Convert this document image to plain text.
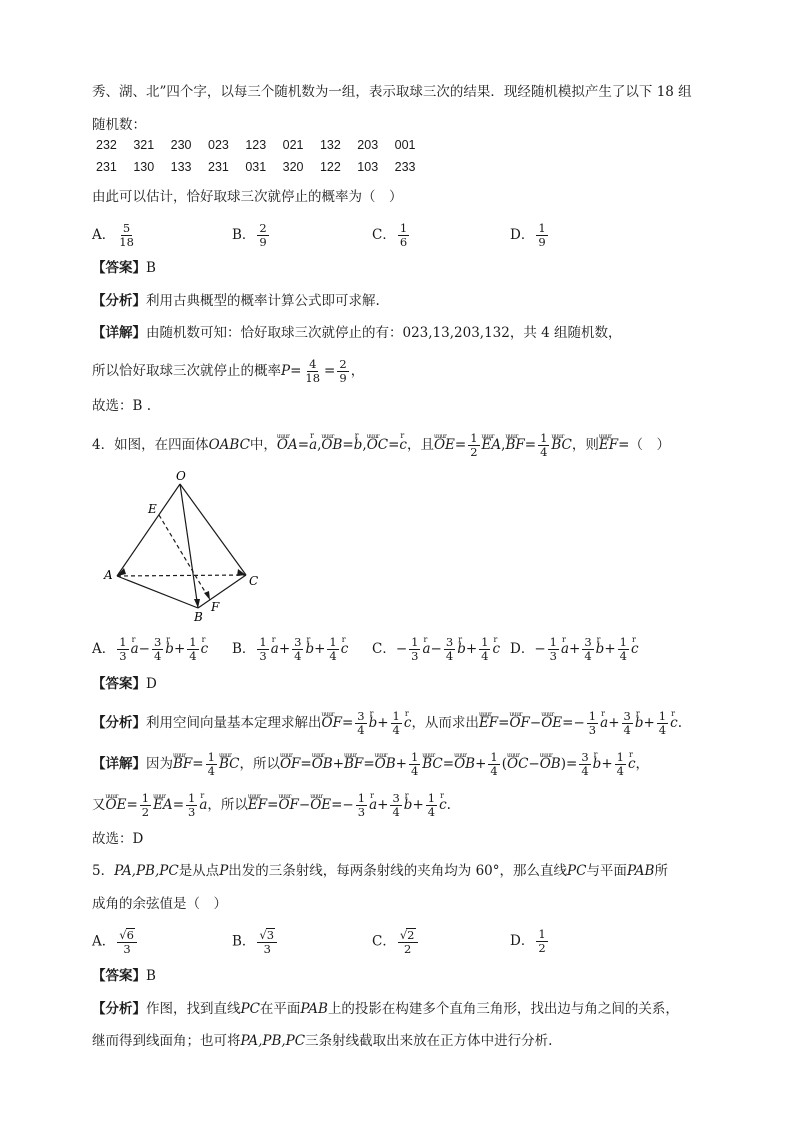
秀、湖、北”四个字，以每三个随机数为一组，表示取球三次的结果．现经随机模拟产生了以下 18 组
随机数：
232 321 230 023 123 021 132 203 001
231 130 133 231 031 320 122 103 233
由此可以估计，恰好取球三次就停止的概率为（　）
A． $\frac{5}{18}$	B． $\frac{2}{9}$	C． $\frac{1}{6}$	D． $\frac{1}{9}$
【答案】B
【分析】利用古典概型的概率计算公式即可求解.
【详解】由随机数可知：恰好取球三次就停止的有：023,13,203,132，共 4 组随机数，
所以恰好取球三次就停止的概率$P= \frac{4}{18} = \frac{2}{9}$ ，
故选：B .
4．如图，在四面体OABC中，uuur OA=r a,uuur OB=r b,uuur OC=r c，且uuur $OE= \frac{1}{2}$ uuur EA,uuur $BF= \frac{1}{4}$ uuur BC，则uuur EF=（　）
O
E
A	C
B
F
A． $\frac{1}{3}$ r $a- \frac{3}{4}$ r $b+ \frac{1}{4}$ r c B． $\frac{1}{3}$ r $a+ \frac{3}{4}$ r $b+ \frac{1}{4}$ r c C．− $\frac{1}{3}$ r $a- \frac{3}{4}$ r $b+ \frac{1}{4}$ r c D．− $\frac{1}{3}$ r $a+ \frac{3}{4}$ r $b+ \frac{1}{4}$ r c
【答案】D
【分析】利用空间向量基本定理求解出uuur $OF= \frac{3}{4}$ r $b+ \frac{1}{4}$ r c，从而求出uuur EF=uuur OF−uuur $OE=- \frac{1}{3}$ r $a+ \frac{3}{4}$ r $b+ \frac{1}{4}$ r c.
【详解】因为uuur $BF= \frac{1}{4}$ uuur BC，所以uuur OF=uuur OB+uuur BF=uuur $OB+ \frac{1}{4}$ uuur BC=uuur $OB+ \frac{1}{4}$ (uuur OC−uuur $OB)= \frac{3}{4}$ r $b+ \frac{1}{4}$ r c，
又uuur $OE= \frac{1}{2}$ uuur $EA= \frac{1}{3}$ r a，所以uuur EF=uuur OF−uuur $OE=- \frac{1}{3}$ r $a+ \frac{3}{4}$ r $b+ \frac{1}{4}$ r c.
故选：D
5．PA,PB,PC是从点P出发的三条射线，每两条射线的夹角均为 60°，那么直线PC与平面PAB所
成角的余弦值是（　）
A． $\frac{√6}{3}$	B． $\frac{√3}{3}$	C． $\frac{√2}{2}$	D． $\frac{1}{2}$
【答案】B
【分析】作图，找到直线PC在平面PAB上的投影在构建多个直角三角形，找出边与角之间的关系，
继而得到线面角；也可将PA,PB,PC三条射线截取出来放在正方体中进行分析.
